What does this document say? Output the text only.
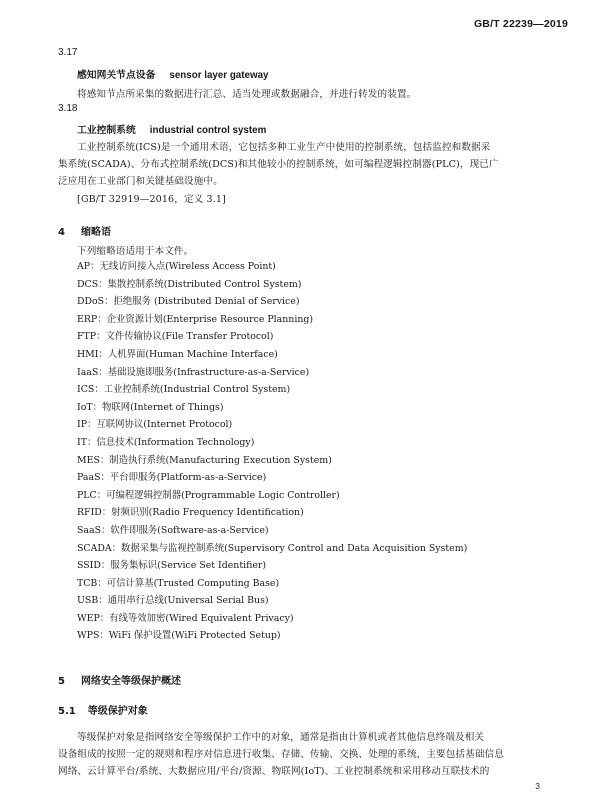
GB/T 22239—2019
3.17
感知网关节点设备 sensor layer gateway
将感知节点所采集的数据进行汇总、适当处理或数据融合，并进行转发的装置。
3.18
工业控制系统 industrial control system
工业控制系统(ICS)是一个通用术语，它包括多种工业生产中使用的控制系统，包括监控和数据采
集系统(SCADA)、分布式控制系统(DCS)和其他较小的控制系统，如可编程逻辑控制器(PLC)，现已广
泛应用在工业部门和关键基础设施中。
[GB/T 32919—2016，定义 3.1]
4 缩略语
下列缩略语适用于本文件。
AP：无线访问接入点(Wireless Access Point)
DCS：集散控制系统(Distributed Control System)
DDoS：拒绝服务 (Distributed Denial of Service)
ERP：企业资源计划(Enterprise Resource Planning)
FTP：文件传输协议(File Transfer Protocol)
HMI：人机界面(Human Machine Interface)
IaaS：基础设施即服务(Infrastructure-as-a-Service)
ICS：工业控制系统(Industrial Control System)
IoT：物联网(Internet of Things)
IP：互联网协议(Internet Protocol)
IT：信息技术(Information Technology)
MES：制造执行系统(Manufacturing Execution System)
PaaS：平台即服务(Platform-as-a-Service)
PLC：可编程逻辑控制器(Programmable Logic Controller)
RFID：射频识别(Radio Frequency Identification)
SaaS：软件即服务(Software-as-a-Service)
SCADA：数据采集与监视控制系统(Supervisory Control and Data Acquisition System)
SSID：服务集标识(Service Set Identifier)
TCB：可信计算基(Trusted Computing Base)
USB：通用串行总线(Universal Serial Bus)
WEP：有线等效加密(Wired Equivalent Privacy)
WPS：WiFi 保护设置(WiFi Protected Setup)
5 网络安全等级保护概述
5.1 等级保护对象
等级保护对象是指网络安全等级保护工作中的对象，通常是指由计算机或者其他信息终端及相关
设备组成的按照一定的规则和程序对信息进行收集、存储、传输、交换、处理的系统，主要包括基础信息
网络、云计算平台/系统、大数据应用/平台/资源、物联网(IoT)、工业控制系统和采用移动互联技术的
3
